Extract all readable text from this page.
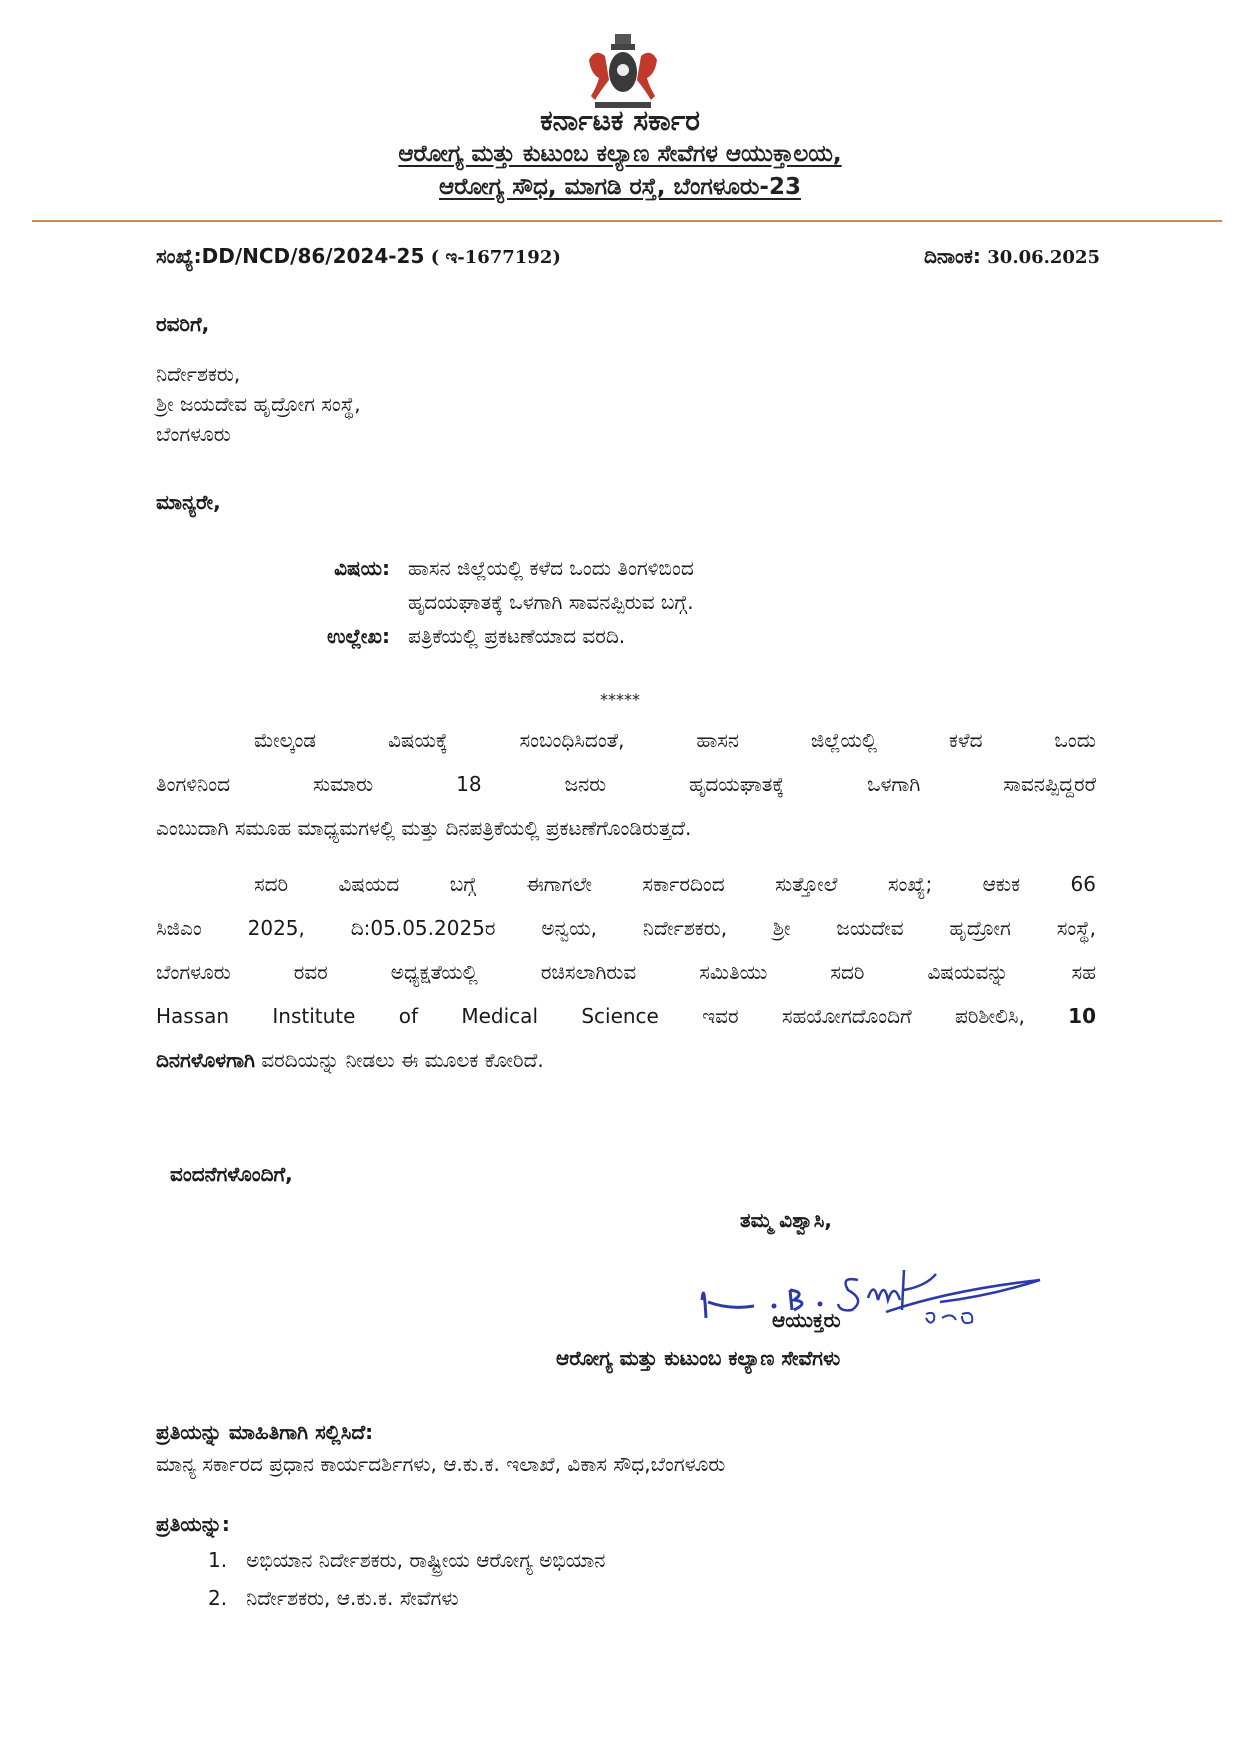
ಕರ್ನಾಟಕ ಸರ್ಕಾರ
ಆರೋಗ್ಯ ಮತ್ತು ಕುಟುಂಬ ಕಲ್ಯಾಣ ಸೇವೆಗಳ ಆಯುಕ್ತಾಲಯ,
ಆರೋಗ್ಯ ಸೌಧ, ಮಾಗಡಿ ರಸ್ತೆ, ಬೆಂಗಳೂರು-23
ಸಂಖ್ಯೆ:DD/NCD/86/2024-25 ( ಇ-1677192)	ದಿನಾಂಕ: 30.06.2025
ರವರಿಗೆ,
ನಿರ್ದೇಶಕರು,
ಶ್ರೀ ಜಯದೇವ ಹೃದ್ರೋಗ ಸಂಸ್ಥೆ,
ಬೆಂಗಳೂರು
ಮಾನ್ಯರೇ,
ವಿಷಯ: ಹಾಸನ ಜಿಲ್ಲೆಯಲ್ಲಿ ಕಳೆದ ಒಂದು ತಿಂಗಳಿಬಿಂದ
ಹೃದಯಘಾತಕ್ಕೆ ಒಳಗಾಗಿ ಸಾವನಪ್ಪಿರುವ ಬಗ್ಗೆ.
ಉಲ್ಲೇಖ: ಪತ್ರಿಕೆಯಲ್ಲಿ ಪ್ರಕಟಣೆಯಾದ ವರದಿ.
*****
ಮೇಲ್ಕಂಡ ವಿಷಯಕ್ಕೆ ಸಂಬಂಧಿಸಿದಂತೆ, ಹಾಸನ ಜಿಲ್ಲೆಯಲ್ಲಿ ಕಳೆದ ಒಂದು
ತಿಂಗಳಿನಿಂದ ಸುಮಾರು 18 ಜನರು ಹೃದಯಘಾತಕ್ಕೆ ಒಳಗಾಗಿ ಸಾವನಪ್ಪಿದ್ದರರೆ
ಎಂಬುದಾಗಿ ಸಮೂಹ ಮಾಧ್ಯಮಗಳಲ್ಲಿ ಮತ್ತು ದಿನಪತ್ರಿಕೆಯಲ್ಲಿ ಪ್ರಕಟಣೆಗೊಂಡಿರುತ್ತದೆ.
ಸದರಿ ವಿಷಯದ ಬಗ್ಗೆ ಈಗಾಗಲೇ ಸರ್ಕಾರದಿಂದ ಸುತ್ತೋಲೆ ಸಂಖ್ಯೆ; ಆಕುಕ 66
ಸಿಜಿಎಂ 2025, ದಿ:05.05.2025ರ ಅನ್ವಯ, ನಿರ್ದೇಶಕರು, ಶ್ರೀ ಜಯದೇವ ಹೃದ್ರೋಗ ಸಂಸ್ಥೆ,
ಬೆಂಗಳೂರು ರವರ ಅಧ್ಯಕ್ಷತೆಯಲ್ಲಿ ರಚಿಸಲಾಗಿರುವ ಸಮಿತಿಯು ಸದರಿ ವಿಷಯವನ್ನು ಸಹ
Hassan Institute of Medical Science ಇವರ ಸಹಯೋಗದೊಂದಿಗೆ ಪರಿಶೀಲಿಸಿ, 10
ದಿನಗಳೊಳಗಾಗಿ ವರದಿಯನ್ನು ನೀಡಲು ಈ ಮೂಲಕ ಕೋರಿದೆ.
ವಂದನೆಗಳೊಂದಿಗೆ,
ತಮ್ಮ ವಿಶ್ವಾಸಿ,
ಆಯುಕ್ತರು
ಆರೋಗ್ಯ ಮತ್ತು ಕುಟುಂಬ ಕಲ್ಯಾಣ ಸೇವೆಗಳು
ಪ್ರತಿಯನ್ನು ಮಾಹಿತಿಗಾಗಿ ಸಲ್ಲಿಸಿದೆ:
ಮಾನ್ಯ ಸರ್ಕಾರದ ಪ್ರಧಾನ ಕಾರ್ಯದರ್ಶಿಗಳು, ಆ.ಕು.ಕ. ಇಲಾಖೆ, ವಿಕಾಸ ಸೌಧ,ಬೆಂಗಳೂರು
ಪ್ರತಿಯನ್ನು:
1. ಅಭಿಯಾನ ನಿರ್ದೇಶಕರು, ರಾಷ್ಟ್ರೀಯ ಆರೋಗ್ಯ ಅಭಿಯಾನ
2. ನಿರ್ದೇಶಕರು, ಆ.ಕು.ಕ. ಸೇವೆಗಳು
